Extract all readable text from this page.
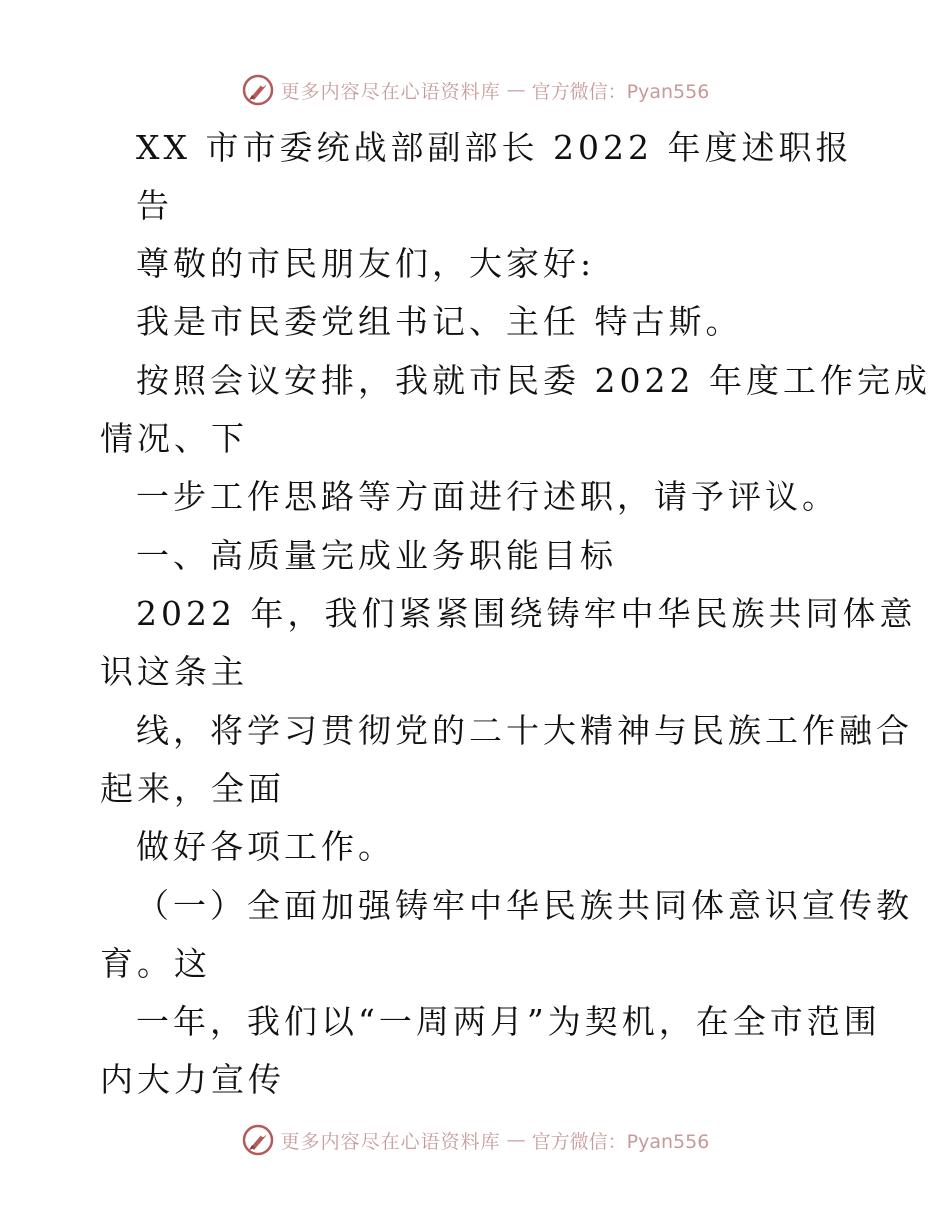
更多内容尽在心语资料库 — 官方微信：Pyan556
XX 市市委统战部副部长 2022 年度述职报
告
尊敬的市民朋友们，大家好:
我是市民委党组书记、主任 特古斯。
按照会议安排，我就市民委 2022 年度工作完成
情况、下
一步工作思路等方面进行述职，请予评议。
一、高质量完成业务职能目标
2022 年，我们紧紧围绕铸牢中华民族共同体意
识这条主
线，将学习贯彻党的二十大精神与民族工作融合
起来，全面
做好各项工作。
（一）全面加强铸牢中华民族共同体意识宣传教
育。这
一年，我们以“一周两月”为契机，在全市范围
内大力宣传
更多内容尽在心语资料库 — 官方微信：Pyan556
